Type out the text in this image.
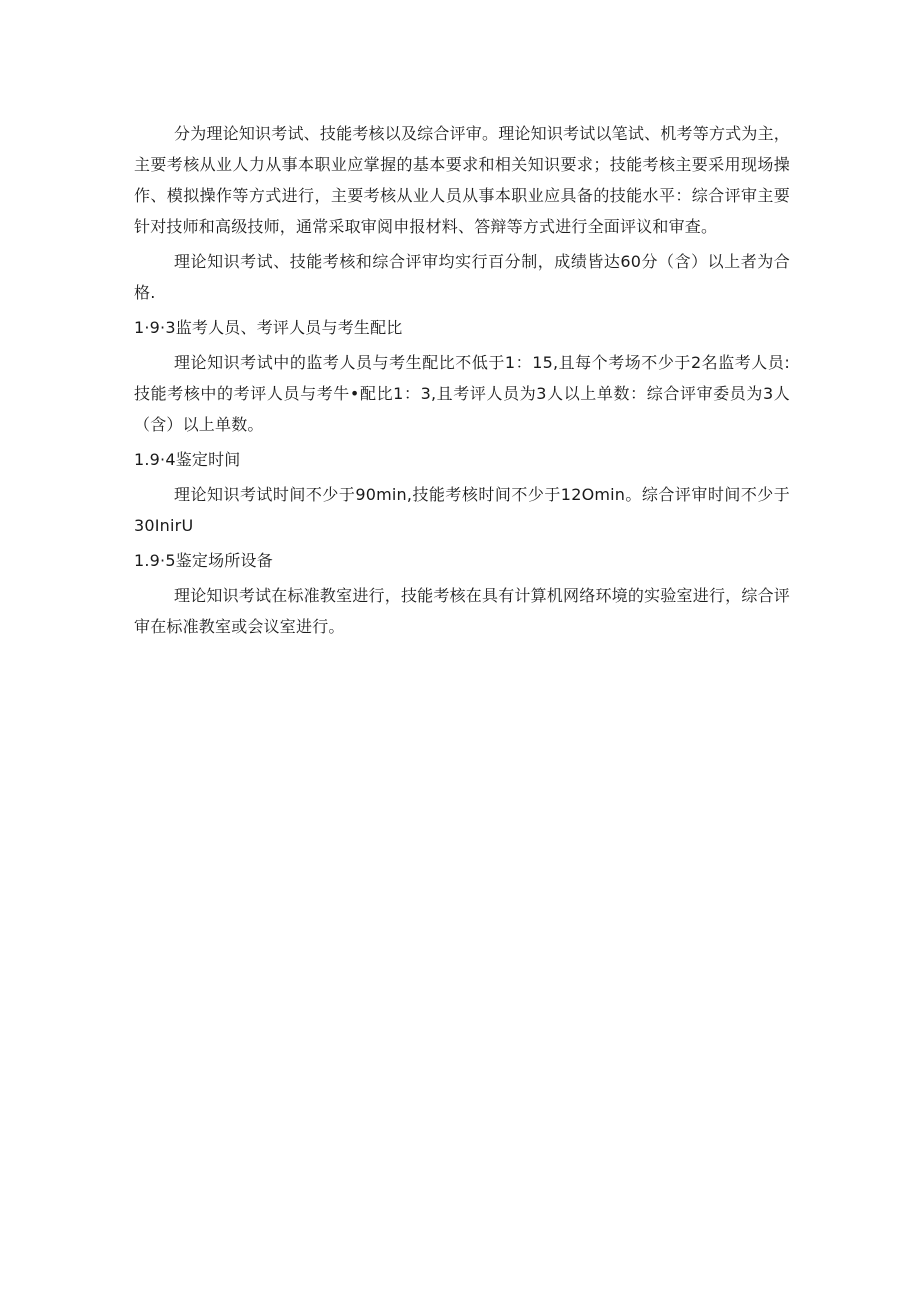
分为理论知识考试、技能考核以及综合评审。理论知识考试以笔试、机考等方式为主，主要考核从业人力从事本职业应掌握的基本要求和相关知识要求；技能考核主要采用现场操作、模拟操作等方式进行，主要考核从业人员从事本职业应具备的技能水平：综合评审主要针对技师和高级技师，通常采取审阅申报材料、答辩等方式进行全面评议和审查。

理论知识考试、技能考核和综合评审均实行百分制，成绩皆达60分（含）以上者为合格.

1·9·3监考人员、考评人员与考生配比

理论知识考试中的监考人员与考生配比不低于1：15,且每个考场不少于2名监考人员:技能考核中的考评人员与考牛•配比1：3,且考评人员为3人以上单数：综合评审委员为3人（含）以上单数。

1.9·4鉴定时间

理论知识考试时间不少于90min,技能考核时间不少于12Omin。综合评审时间不少于30InirU

1.9·5鉴定场所设备

理论知识考试在标准教室进行，技能考核在具有计算机网络环境的实验室进行，综合评审在标准教室或会议室进行。
